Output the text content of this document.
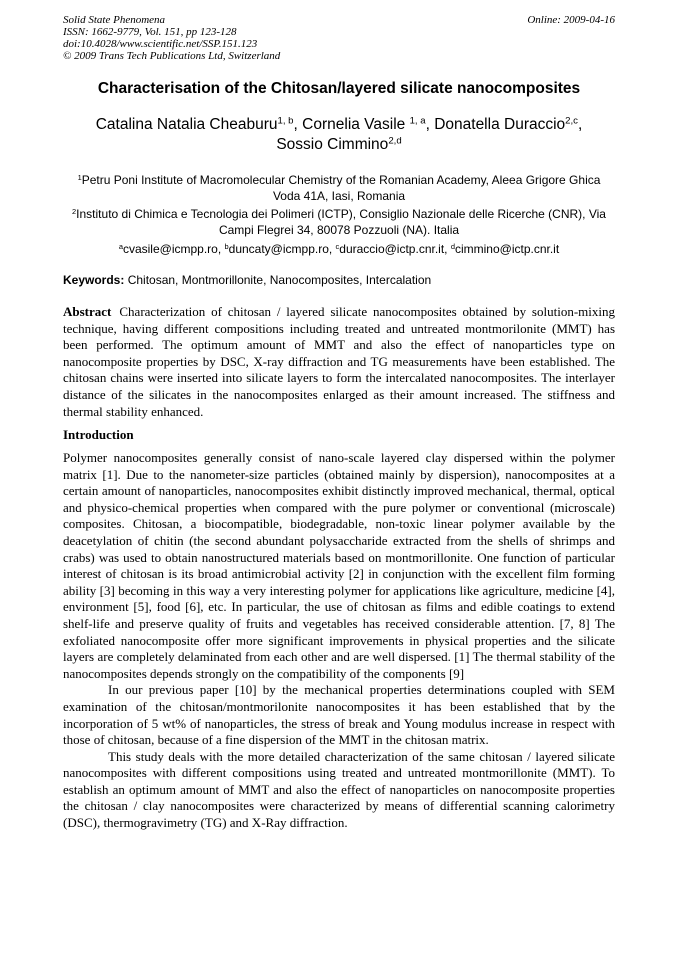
Solid State Phenomena
ISSN: 1662-9779, Vol. 151, pp 123-128
doi:10.4028/www.scientific.net/SSP.151.123
© 2009 Trans Tech Publications Ltd, Switzerland
Online: 2009-04-16
Characterisation of the Chitosan/layered silicate nanocomposites
Catalina Natalia Cheaburu$^{1, b}$, Cornelia Vasile $^{1, a}$, Donatella Duraccio$^{2,c}$,
Sossio Cimmino$^{2,d}$
$^1$Petru Poni Institute of Macromolecular Chemistry of the Romanian Academy, Aleea Grigore Ghica Voda 41A, Iasi, Romania
$^2$Instituto di Chimica e Tecnologia dei Polimeri (ICTP), Consiglio Nazionale delle Ricerche (CNR), Via Campi Flegrei 34, 80078 Pozzuoli (NA). Italia
$^a$cvasile@icmpp.ro, $^b$duncaty@icmpp.ro, $^c$duraccio@ictp.cnr.it, $^d$cimmino@ictp.cnr.it
Keywords: Chitosan, Montmorillonite, Nanocomposites, Intercalation
Abstract Characterization of chitosan / layered silicate nanocomposites obtained by solution-mixing technique, having different compositions including treated and untreated montmorilonite (MMT) has been performed. The optimum amount of MMT and also the effect of nanoparticles type on nanocomposite properties by DSC, X-ray diffraction and TG measurements have been established. The chitosan chains were inserted into silicate layers to form the intercalated nanocomposites. The interlayer distance of the silicates in the nanocomposites enlarged as their amount increased. The stiffness and thermal stability enhanced.
Introduction

Polymer nanocomposites generally consist of nano-scale layered clay dispersed within the polymer matrix [1]. Due to the nanometer-size particles (obtained mainly by dispersion), nanocomposites at a certain amount of nanoparticles, nanocomposites exhibit distinctly improved mechanical, thermal, optical and physico-chemical properties when compared with the pure polymer or conventional (microscale) composites. Chitosan, a biocompatible, biodegradable, non-toxic linear polymer available by the deacetylation of chitin (the second abundant polysaccharide extracted from the shells of shrimps and crabs) was used to obtain nanostructured materials based on montmorillonite. One function of particular interest of chitosan is its broad antimicrobial activity [2] in conjunction with the excellent film forming ability [3] becoming in this way a very interesting polymer for applications like agriculture, medicine [4], environment [5], food [6], etc. In particular, the use of chitosan as films and edible coatings to extend shelf-life and preserve quality of fruits and vegetables has received considerable attention. [7, 8] The exfoliated nanocomposite offer more significant improvements in physical properties and the silicate layers are completely delaminated from each other and are well dispersed. [1] The thermal stability of the nanocomposites depends strongly on the compatibility of the components [9]

In our previous paper [10] by the mechanical properties determinations coupled with SEM examination of the chitosan/montmorilonite nanocomposites it has been established that by the incorporation of 5 wt% of nanoparticles, the stress of break and Young modulus increase in respect with those of chitosan, because of a fine dispersion of the MMT in the chitosan matrix.

This study deals with the more detailed characterization of the same chitosan / layered silicate nanocomposites with different compositions using treated and untreated montmorillonite (MMT). To establish an optimum amount of MMT and also the effect of nanoparticles on nanocomposite properties the chitosan / clay nanocomposites were characterized by means of differential scanning calorimetry (DSC), thermogravimetry (TG) and X-Ray diffraction.
